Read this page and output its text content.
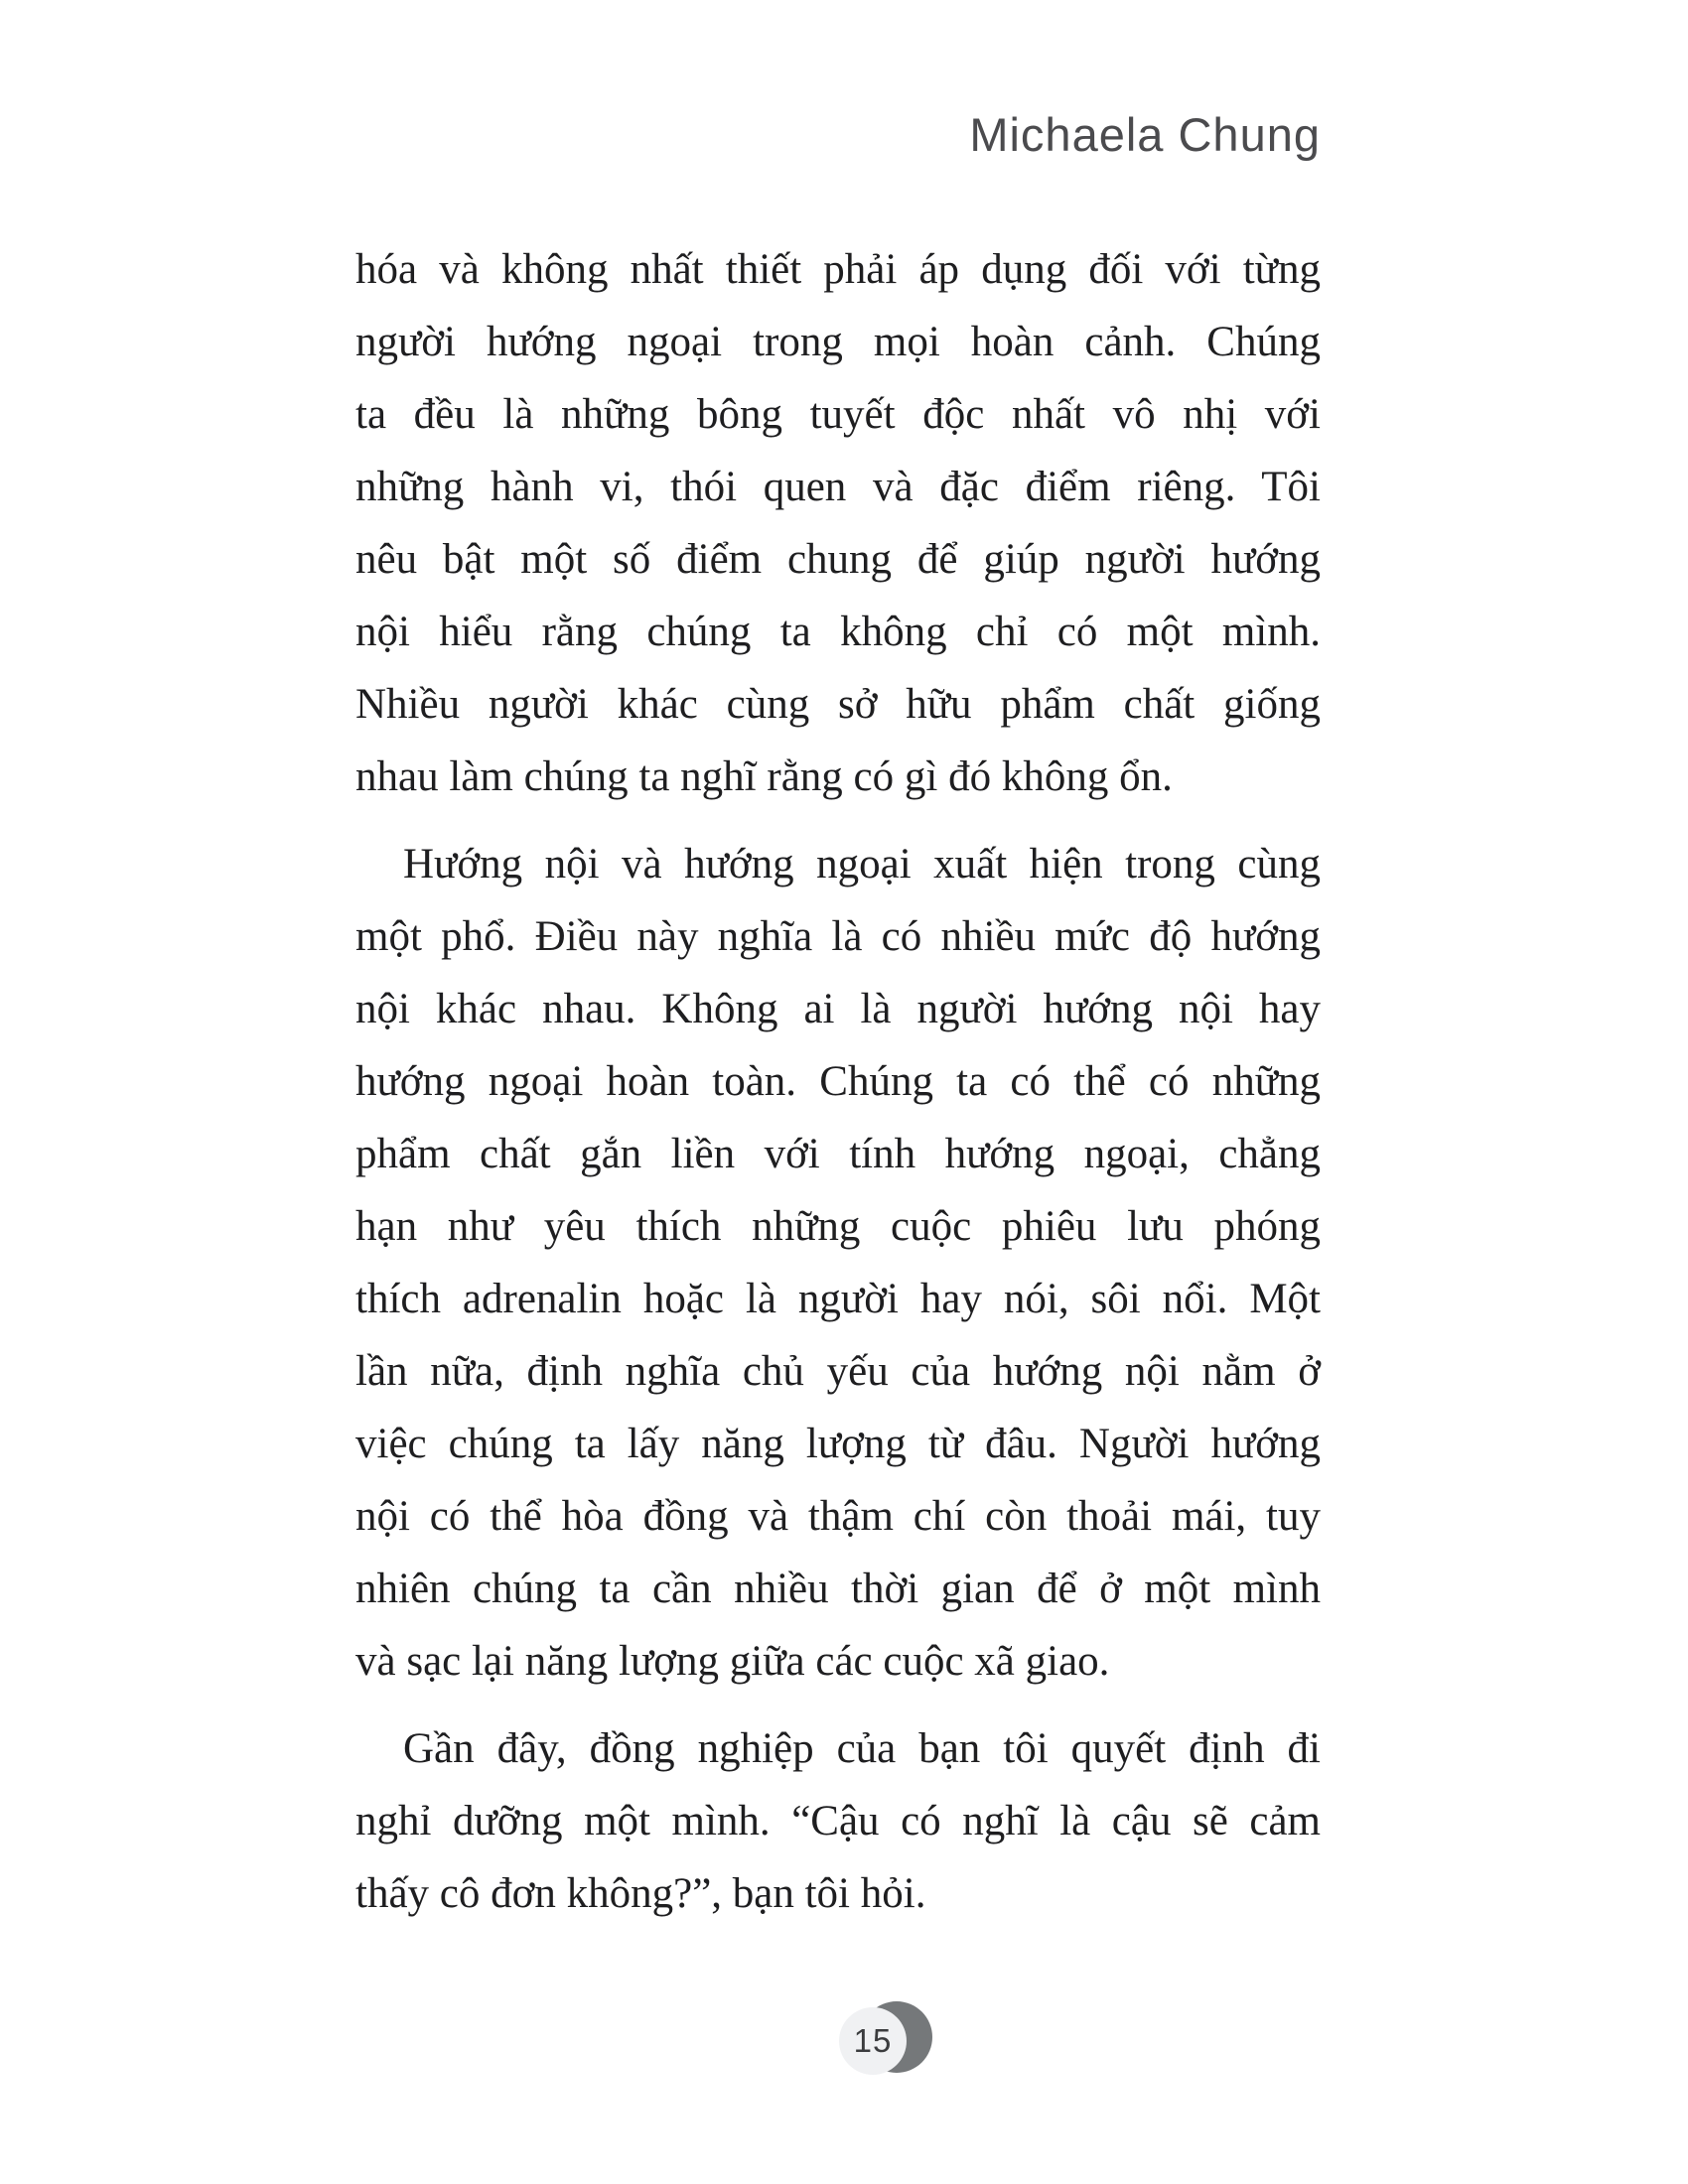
Michaela Chung
hóa và không nhất thiết phải áp dụng đối với từng
người hướng ngoại trong mọi hoàn cảnh. Chúng
ta đều là những bông tuyết độc nhất vô nhị với
những hành vi, thói quen và đặc điểm riêng. Tôi
nêu bật một số điểm chung để giúp người hướng
nội hiểu rằng chúng ta không chỉ có một mình.
Nhiều người khác cùng sở hữu phẩm chất giống
nhau làm chúng ta nghĩ rằng có gì đó không ổn.
Hướng nội và hướng ngoại xuất hiện trong cùng
một phổ. Điều này nghĩa là có nhiều mức độ hướng
nội khác nhau. Không ai là người hướng nội hay
hướng ngoại hoàn toàn. Chúng ta có thể có những
phẩm chất gắn liền với tính hướng ngoại, chẳng
hạn như yêu thích những cuộc phiêu lưu phóng
thích adrenalin hoặc là người hay nói, sôi nổi. Một
lần nữa, định nghĩa chủ yếu của hướng nội nằm ở
việc chúng ta lấy năng lượng từ đâu. Người hướng
nội có thể hòa đồng và thậm chí còn thoải mái, tuy
nhiên chúng ta cần nhiều thời gian để ở một mình
và sạc lại năng lượng giữa các cuộc xã giao.
Gần đây, đồng nghiệp của bạn tôi quyết định đi
nghỉ dưỡng một mình. “Cậu có nghĩ là cậu sẽ cảm
thấy cô đơn không?”, bạn tôi hỏi.
15
